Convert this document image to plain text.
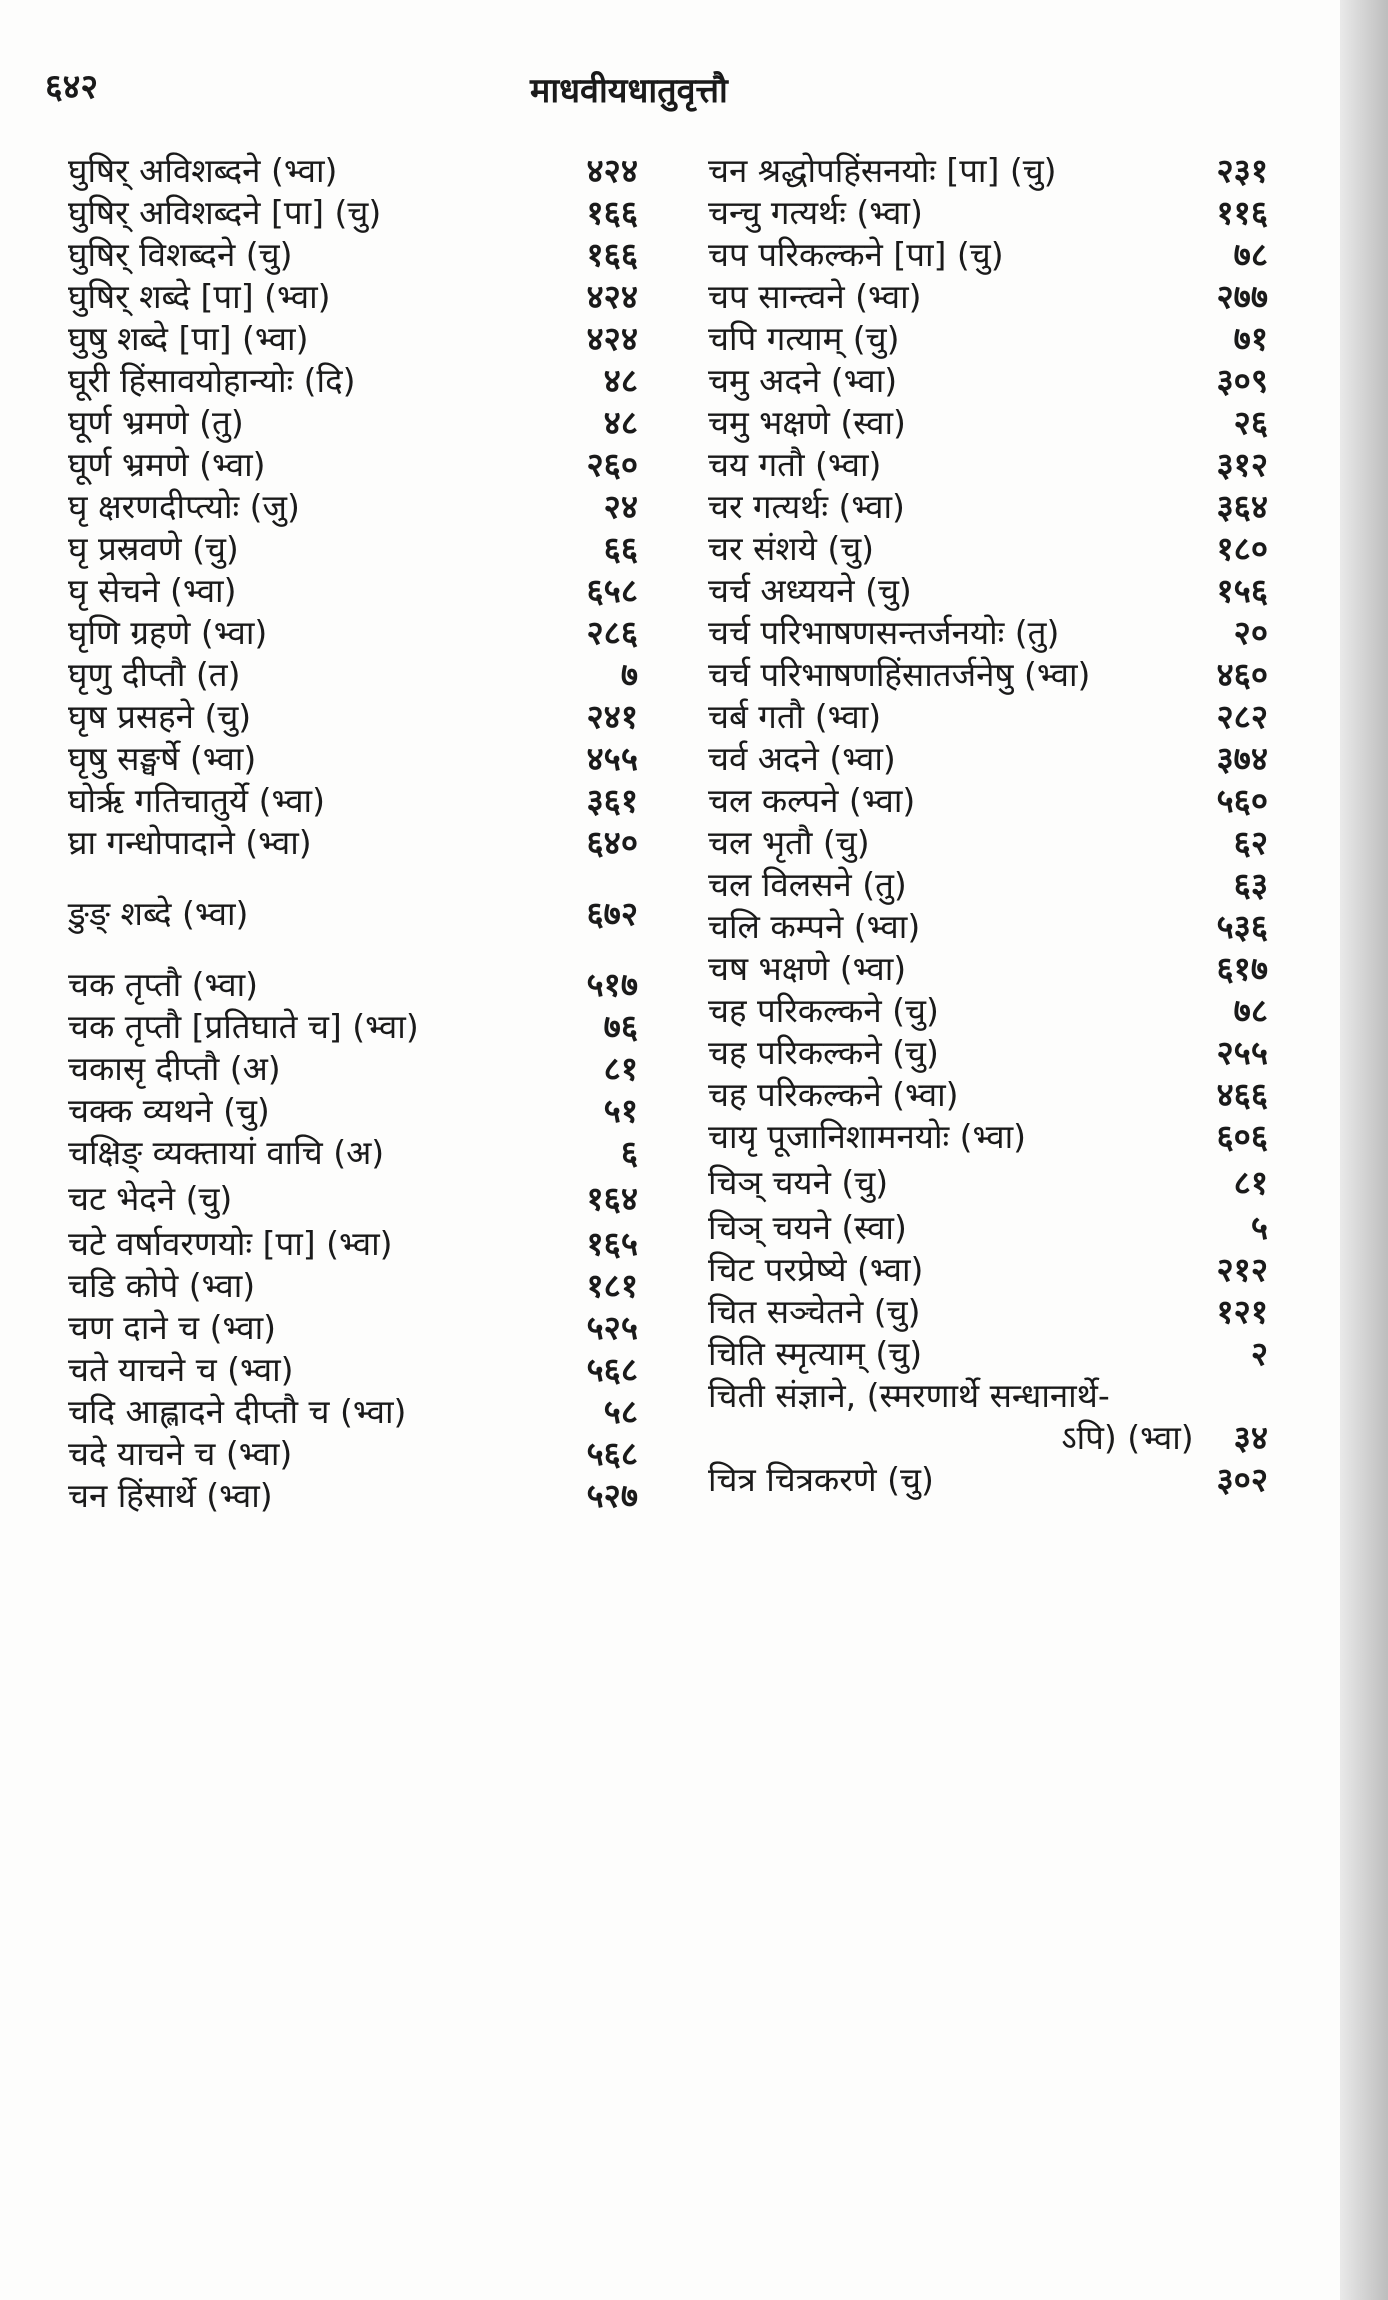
६४२	माधवीयधातुवृत्तौ
घुषिर् अविशब्दने (भ्वा)	४२४
घुषिर् अविशब्दने [पा] (चु)	१६६
घुषिर् विशब्दने (चु)	१६६
घुषिर् शब्दे [पा] (भ्वा)	४२४
घुषु शब्दे [पा] (भ्वा)	४२४
घूरी हिंसावयोहान्योः (दि)	४८
घूर्ण भ्रमणे (तु)	४८
घूर्ण भ्रमणे (भ्वा)	२६०
घृ क्षरणदीप्त्योः (जु)	२४
घृ प्रस्रवणे (चु)	६६
घृ सेचने (भ्वा)	६५८
घृणि ग्रहणे (भ्वा)	२८६
घृणु दीप्तौ (त)	७
घृष प्रसहने (चु)	२४१
घृषु सङ्घर्षे (भ्वा)	४५५
घोर्ऋ गतिचातुर्ये (भ्वा)	३६१
घ्रा गन्धोपादाने (भ्वा)	६४०
ङुङ् शब्दे (भ्वा)	६७२
चक तृप्तौ (भ्वा)	५१७
चक तृप्तौ [प्रतिघाते च] (भ्वा)	७६
चकासृ दीप्तौ (अ)	८१
चक्क व्यथने (चु)	५१
चक्षिङ् व्यक्तायां वाचि (अ)	६
चट भेदने (चु)	१६४
चटे वर्षावरणयोः [पा] (भ्वा)	१६५
चडि कोपे (भ्वा)	१८१
चण दाने च (भ्वा)	५२५
चते याचने च (भ्वा)	५६८
चदि आह्लादने दीप्तौ च (भ्वा)	५८
चदे याचने च (भ्वा)	५६८
चन हिंसार्थे (भ्वा)	५२७
चन श्रद्धोपहिंसनयोः [पा] (चु)	२३१
चन्चु गत्यर्थः (भ्वा)	११६
चप परिकल्कने [पा] (चु)	७८
चप सान्त्वने (भ्वा)	२७७
चपि गत्याम् (चु)	७१
चमु अदने (भ्वा)	३०९
चमु भक्षणे (स्वा)	२६
चय गतौ (भ्वा)	३१२
चर गत्यर्थः (भ्वा)	३६४
चर संशये (चु)	१८०
चर्च अध्ययने (चु)	१५६
चर्च परिभाषणसन्तर्जनयोः (तु)	२०
चर्च परिभाषणहिंसातर्जनेषु (भ्वा)	४६०
चर्ब गतौ (भ्वा)	२८२
चर्व अदने (भ्वा)	३७४
चल कल्पने (भ्वा)	५६०
चल भृतौ (चु)	६२
चल विलसने (तु)	६३
चलि कम्पने (भ्वा)	५३६
चष भक्षणे (भ्वा)	६१७
चह परिकल्कने (चु)	७८
चह परिकल्कने (चु)	२५५
चह परिकल्कने (भ्वा)	४६६
चायृ पूजानिशामनयोः (भ्वा)	६०६
चिञ् चयने (चु)	८१
चिञ् चयने (स्वा)	५
चिट परप्रेष्ये (भ्वा)	२१२
चित सञ्चेतने (चु)	१२१
चिति स्मृत्याम् (चु)	२
चिती संज्ञाने, (स्मरणार्थे सन्धानार्थे-
ऽपि) (भ्वा)	३४
चित्र चित्रकरणे (चु)	३०२
